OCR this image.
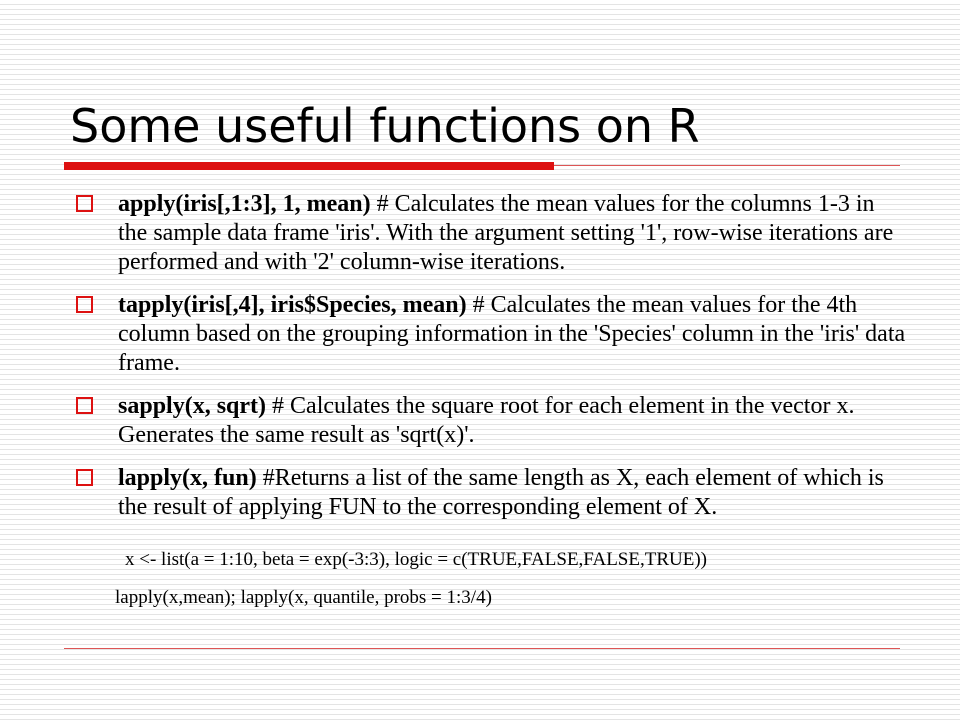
Some useful functions on R
apply(iris[,1:3], 1, mean) # Calculates the mean values for the columns 1-3 in the sample data frame 'iris'. With the argument setting '1', row-wise iterations are performed and with '2' column-wise iterations.
tapply(iris[,4], iris$Species, mean) # Calculates the mean values for the 4th column based on the grouping information in the 'Species' column in the 'iris' data frame.
sapply(x, sqrt) # Calculates the square root for each element in the vector x. Generates the same result as 'sqrt(x)'.
lapply(x, fun) #Returns a list of the same length as X, each element of which is the result of applying FUN to the corresponding element of X.
x <- list(a = 1:10, beta = exp(-3:3), logic = c(TRUE,FALSE,FALSE,TRUE))
lapply(x,mean); lapply(x, quantile, probs = 1:3/4)
